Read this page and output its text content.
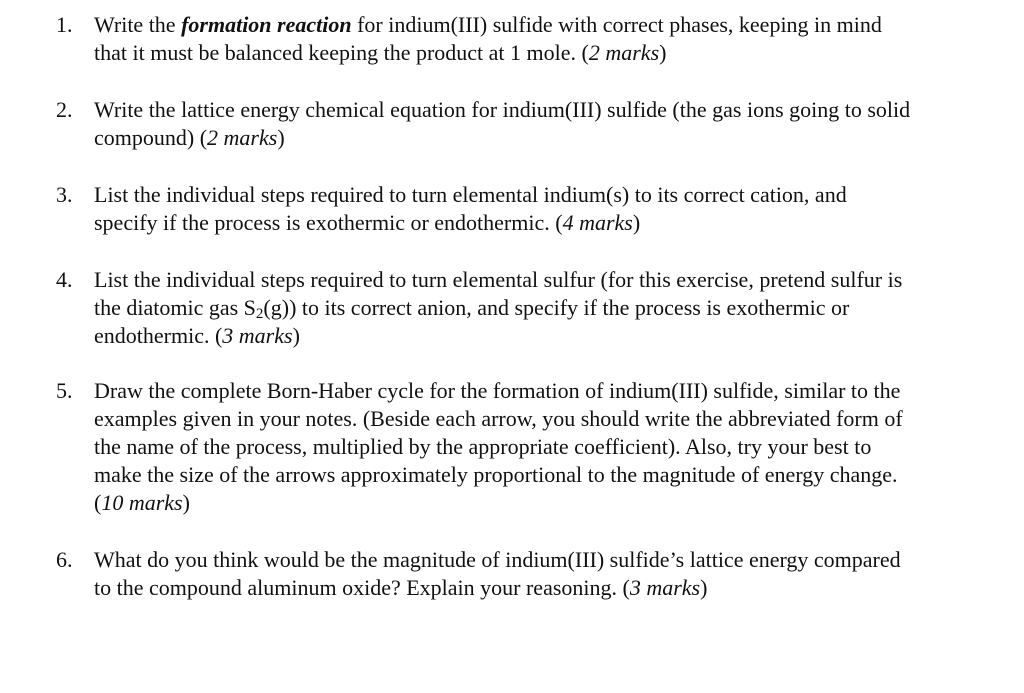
1. Write the formation reaction for indium(III) sulfide with correct phases, keeping in mind
that it must be balanced keeping the product at 1 mole. (2 marks)
2. Write the lattice energy chemical equation for indium(III) sulfide (the gas ions going to solid
compound) (2 marks)
3. List the individual steps required to turn elemental indium(s) to its correct cation, and
specify if the process is exothermic or endothermic. (4 marks)
4. List the individual steps required to turn elemental sulfur (for this exercise, pretend sulfur is
the diatomic gas $S_2(g)$) to its correct anion, and specify if the process is exothermic or
endothermic. (3 marks)
5. Draw the complete Born-Haber cycle for the formation of indium(III) sulfide, similar to the
examples given in your notes. (Beside each arrow, you should write the abbreviated form of
the name of the process, multiplied by the appropriate coefficient). Also, try your best to
make the size of the arrows approximately proportional to the magnitude of energy change.
(10 marks)
6. What do you think would be the magnitude of indium(III) sulfide’s lattice energy compared
to the compound aluminum oxide? Explain your reasoning. (3 marks)
